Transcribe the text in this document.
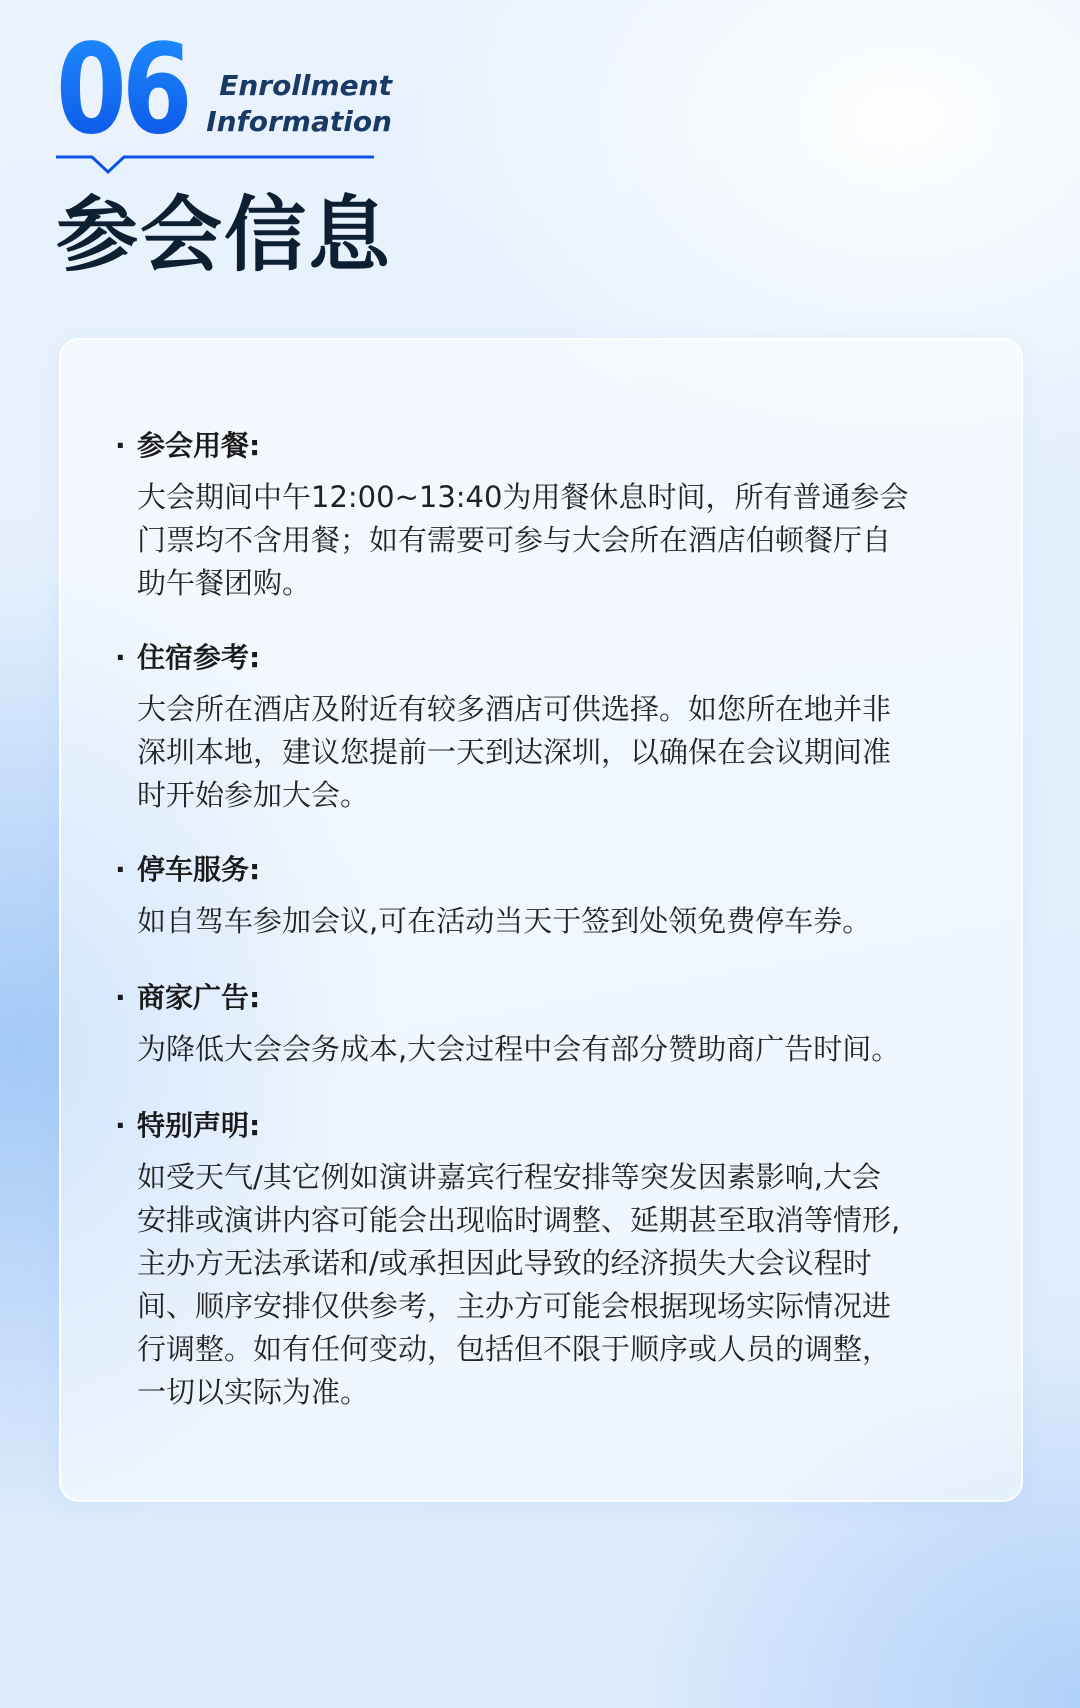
06	Enrollment
Information
参会信息
· 参会用餐:
大会期间中午12:00~13:40为用餐休息时间，所有普通参会
门票均不含用餐；如有需要可参与大会所在酒店伯顿餐厅自
助午餐团购。
· 住宿参考:
大会所在酒店及附近有较多酒店可供选择。如您所在地并非
深圳本地，建议您提前一天到达深圳，以确保在会议期间准
时开始参加大会。
· 停车服务:
如自驾车参加会议,可在活动当天于签到处领免费停车券。
· 商家广告:
为降低大会会务成本,大会过程中会有部分赞助商广告时间。
· 特别声明:
如受天气/其它例如演讲嘉宾行程安排等突发因素影响,大会
安排或演讲内容可能会出现临时调整、延期甚至取消等情形,
主办方无法承诺和/或承担因此导致的经济损失大会议程时
间、顺序安排仅供参考，主办方可能会根据现场实际情况进
行调整。如有任何变动，包括但不限于顺序或人员的调整，
一切以实际为准。
